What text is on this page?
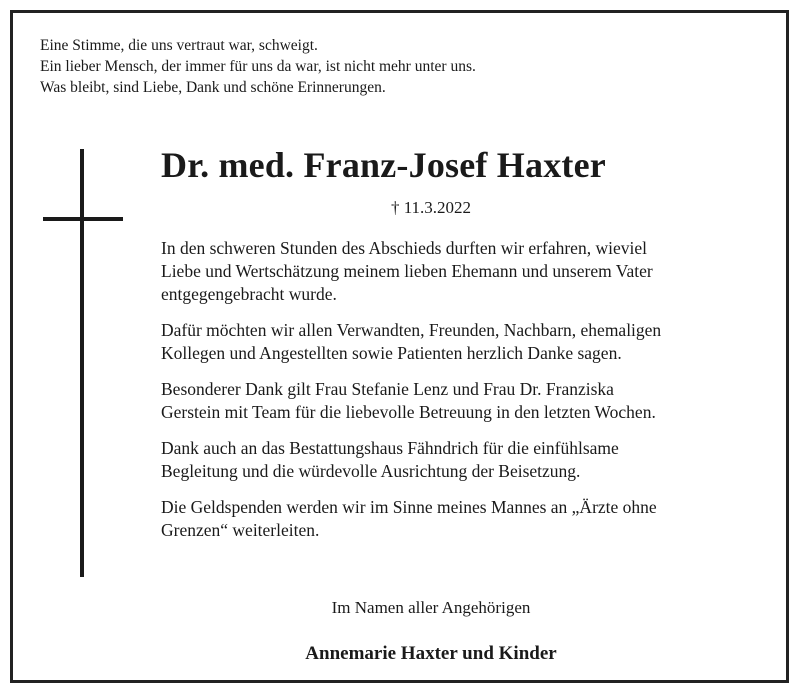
Eine Stimme, die uns vertraut war, schweigt.
Ein lieber Mensch, der immer für uns da war, ist nicht mehr unter uns.
Was bleibt, sind Liebe, Dank und schöne Erinnerungen.
Dr. med. Franz-Josef Haxter
† 11.3.2022

In den schweren Stunden des Abschieds durften wir erfahren, wieviel
Liebe und Wertschätzung meinem lieben Ehemann und unserem Vater
entgegengebracht wurde.

Dafür möchten wir allen Verwandten, Freunden, Nachbarn, ehemaligen
Kollegen und Angestellten sowie Patienten herzlich Danke sagen.

Besonderer Dank gilt Frau Stefanie Lenz und Frau Dr. Franziska
Gerstein mit Team für die liebevolle Betreuung in den letzten Wochen.

Dank auch an das Bestattungshaus Fähndrich für die einfühlsame
Begleitung und die würdevolle Ausrichtung der Beisetzung.

Die Geldspenden werden wir im Sinne meines Mannes an „Ärzte ohne
Grenzen“ weiterleiten.

Im Namen aller Angehörigen
Annemarie Haxter und Kinder
